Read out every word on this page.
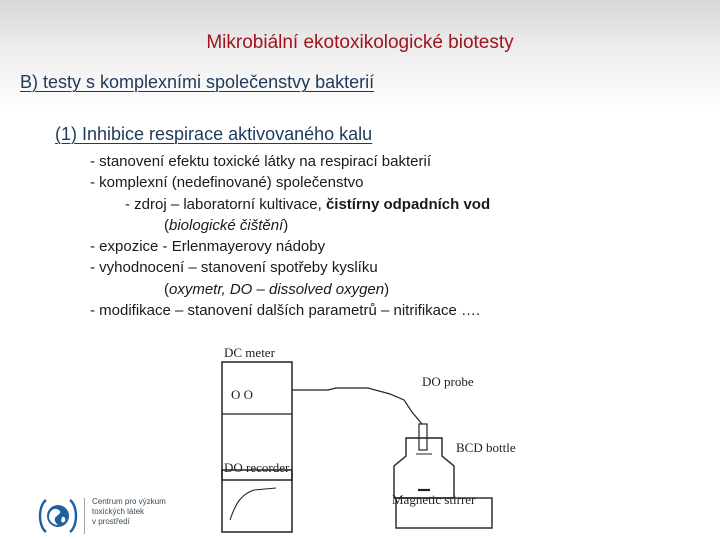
Mikrobiální ekotoxikologické biotesty
B) testy s komplexními společenstvy bakterií
(1) Inhibice respirace aktivovaného kalu
- stanovení efektu toxické látky na respirací bakterií
- komplexní (nedefinované) společenstvo
- zdroj – laboratorní kultivace, čistírny odpadních vod
(biologické čištění)
- expozice - Erlenmayerovy nádoby
- vyhodnocení – stanovení spotřeby kyslíku
(oxymetr, DO – dissolved oxygen)
- modifikace – stanovení dalších parametrů – nitrifikace ….
DC meter
O O
DO recorder
DO probe
BCD bottle
Magnetic stirrer
Centrum pro výzkum
toxických látek
v prostředí
